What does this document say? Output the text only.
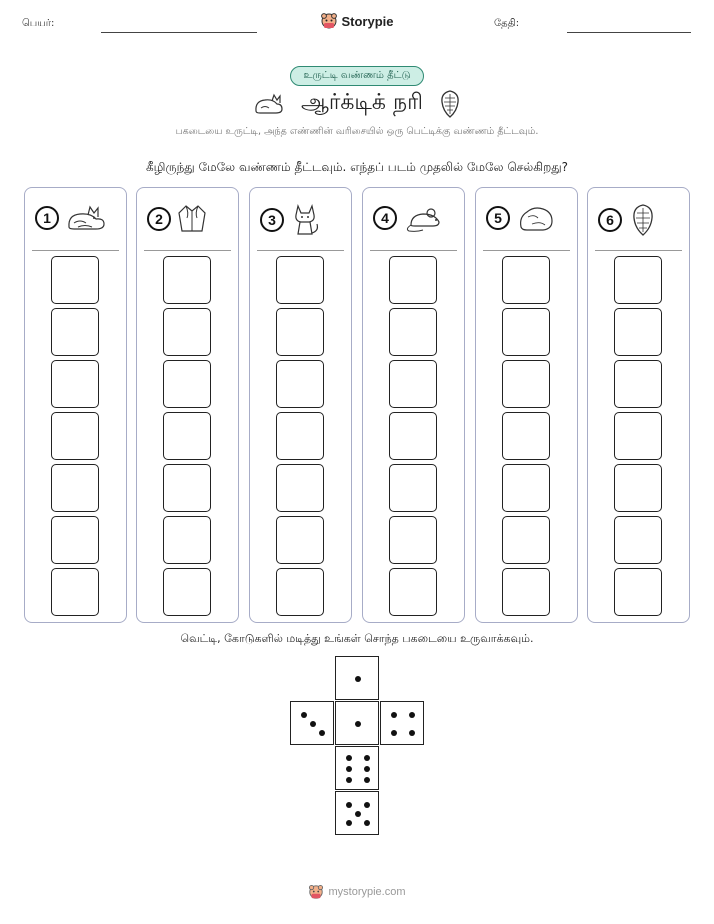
பெயர்:	Storypie	தேதி:
உருட்டி வண்ணம் தீட்டு
ஆர்க்டிக் நரி
பகடையை உருட்டி, அந்த எண்ணின் வரிசையில் ஒரு பெட்டிக்கு வண்ணம் தீட்டவும்.
கீழிருந்து மேலே வண்ணம் தீட்டவும். எந்தப் படம் முதலில் மேலே செல்கிறது?
1	2	3	4	5	6
வெட்டி, கோடுகளில் மடித்து உங்கள் சொந்த பகடையை உருவாக்கவும்.
mystorypie.com
